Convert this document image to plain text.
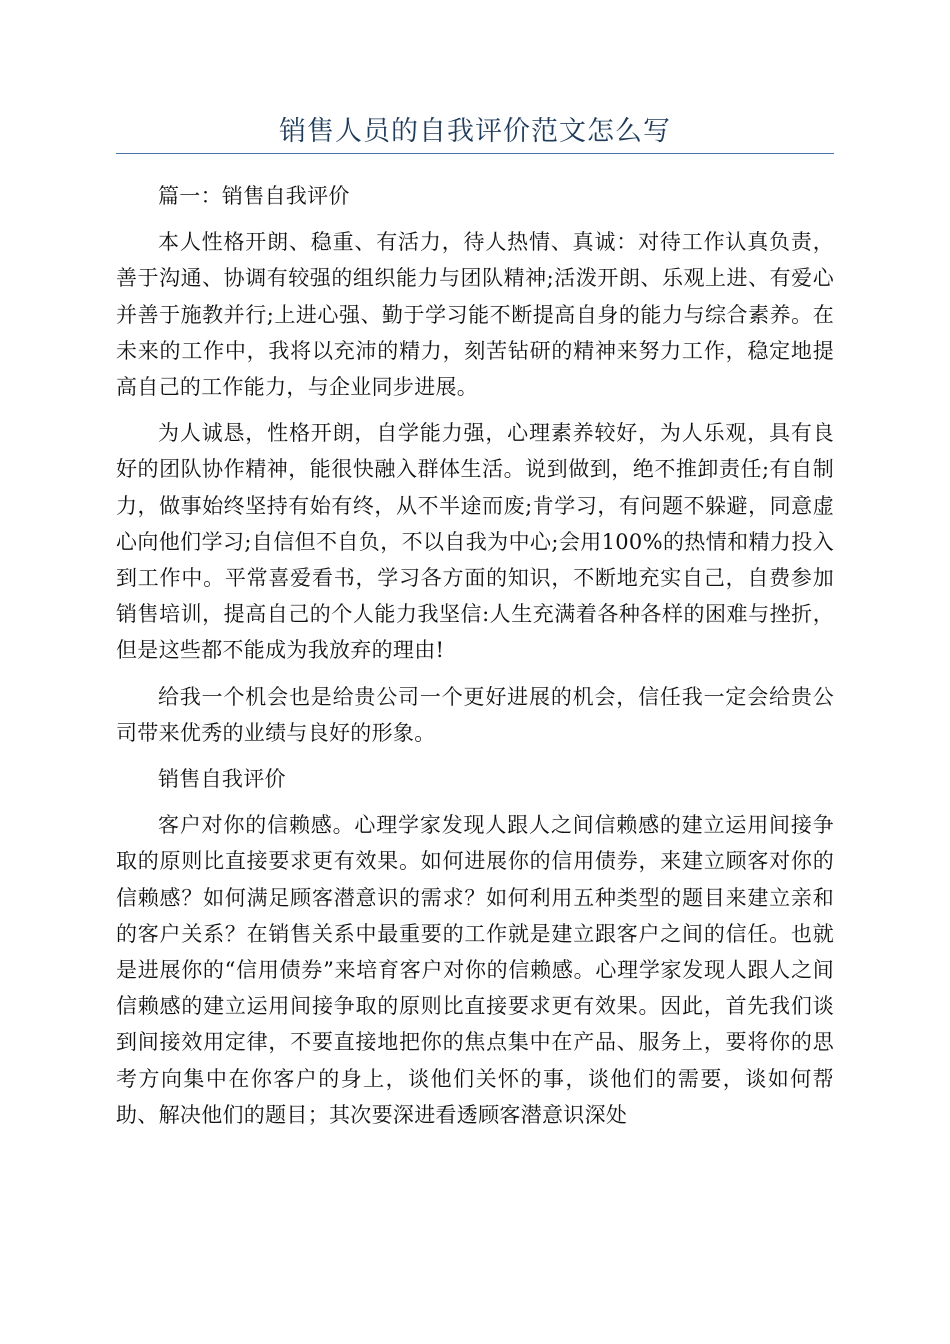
销售人员的自我评价范文怎么写

篇一：销售自我评价

本人性格开朗、稳重、有活力，待人热情、真诚：对待工作认真负责，善于沟通、协调有较强的组织能力与团队精神;活泼开朗、乐观上进、有爱心并善于施教并行;上进心强、勤于学习能不断提高自身的能力与综合素养。在未来的工作中，我将以充沛的精力，刻苦钻研的精神来努力工作，稳定地提高自己的工作能力，与企业同步进展。

为人诚恳，性格开朗，自学能力强，心理素养较好，为人乐观，具有良好的团队协作精神，能很快融入群体生活。说到做到，绝不推卸责任;有自制力，做事始终坚持有始有终，从不半途而废;肯学习，有问题不躲避，同意虚心向他们学习;自信但不自负，不以自我为中心;会用100%的热情和精力投入到工作中。平常喜爱看书，学习各方面的知识，不断地充实自己，自费参加销售培训，提高自己的个人能力我坚信:人生充满着各种各样的困难与挫折，但是这些都不能成为我放弃的理由!

给我一个机会也是给贵公司一个更好进展的机会，信任我一定会给贵公司带来优秀的业绩与良好的形象。

销售自我评价

客户对你的信赖感。心理学家发现人跟人之间信赖感的建立运用间接争取的原则比直接要求更有效果。如何进展你的信用债券，来建立顾客对你的信赖感？如何满足顾客潜意识的需求？如何利用五种类型的题目来建立亲和的客户关系？在销售关系中最重要的工作就是建立跟客户之间的信任。也就是进展你的“信用债券”来培育客户对你的信赖感。心理学家发现人跟人之间信赖感的建立运用间接争取的原则比直接要求更有效果。因此，首先我们谈到间接效用定律，不要直接地把你的焦点集中在产品、服务上，要将你的思考方向集中在你客户的身上，谈他们关怀的事，谈他们的需要，谈如何帮助、解决他们的题目；其次要深进看透顾客潜意识深处
